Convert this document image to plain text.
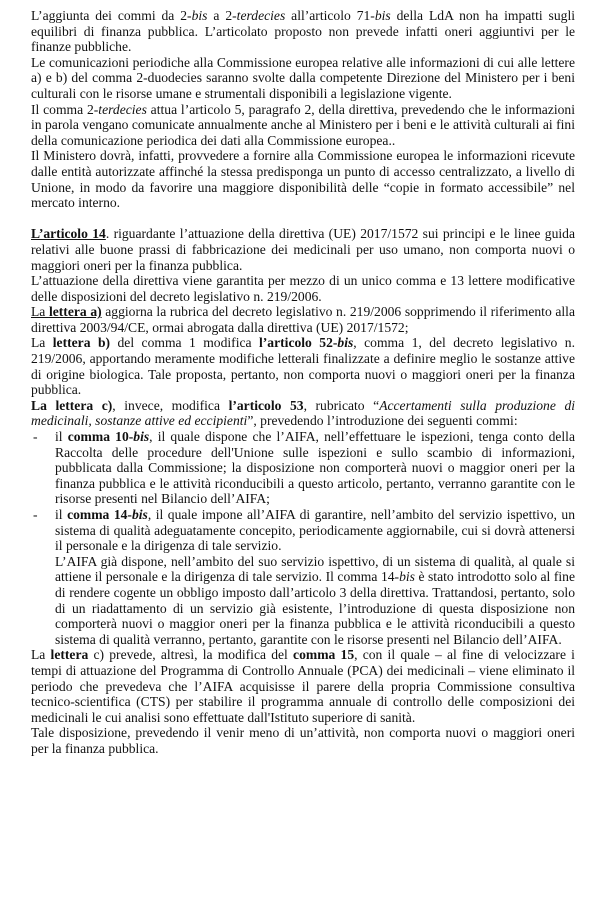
L’aggiunta dei commi da 2-bis a 2-terdecies all’articolo 71-bis della LdA non ha impatti sugli equilibri di finanza pubblica. L’articolato proposto non prevede infatti oneri aggiuntivi per le finanze pubbliche.

Le comunicazioni periodiche alla Commissione europea relative alle informazioni di cui alle lettere a) e b) del comma 2-duodecies saranno svolte dalla competente Direzione del Ministero per i beni culturali con le risorse umane e strumentali disponibili a legislazione vigente.

Il comma 2-terdecies attua l’articolo 5, paragrafo 2, della direttiva, prevedendo che le informazioni in parola vengano comunicate annualmente anche al Ministero per i beni e le attività culturali ai fini della comunicazione periodica dei dati alla Commissione europea..

Il Ministero dovrà, infatti, provvedere a fornire alla Commissione europea le informazioni ricevute dalle entità autorizzate affinché la stessa predisponga un punto di accesso centralizzato, a livello di Unione, in modo da favorire una maggiore disponibilità delle “copie in formato accessibile” nel mercato interno.

L’articolo 14. riguardante l’attuazione della direttiva (UE) 2017/1572 sui principi e le linee guida relativi alle buone prassi di fabbricazione dei medicinali per uso umano, non comporta nuovi o maggiori oneri per la finanza pubblica.

L’attuazione della direttiva viene garantita per mezzo di un unico comma e 13 lettere modificative delle disposizioni del decreto legislativo n. 219/2006.

La lettera a) aggiorna la rubrica del decreto legislativo n. 219/2006 sopprimendo il riferimento alla direttiva 2003/94/CE, ormai abrogata dalla direttiva (UE) 2017/1572;

La lettera b) del comma 1 modifica l’articolo 52-bis, comma 1, del decreto legislativo n. 219/2006, apportando meramente modifiche letterali finalizzate a definire meglio le sostanze attive di origine biologica. Tale proposta, pertanto, non comporta nuovi o maggiori oneri per la finanza pubblica.

La lettera c), invece, modifica l’articolo 53, rubricato “Accertamenti sulla produzione di medicinali, sostanze attive ed eccipienti”, prevedendo l’introduzione dei seguenti commi:

- il comma 10-bis, il quale dispone che l’AIFA, nell’effettuare le ispezioni, tenga conto della Raccolta delle procedure dell'Unione sulle ispezioni e sullo scambio di informazioni, pubblicata dalla Commissione; la disposizione non comporterà nuovi o maggior oneri per la finanza pubblica e le attività riconducibili a questo articolo, pertanto, verranno garantite con le risorse presenti nel Bilancio dell’AIFA;

- il comma 14-bis, il quale impone all’AIFA di garantire, nell’ambito del servizio ispettivo, un sistema di qualità adeguatamente concepito, periodicamente aggiornabile, cui si dovrà attenersi il personale e la dirigenza di tale servizio.

L’AIFA già dispone, nell’ambito del suo servizio ispettivo, di un sistema di qualità, al quale si attiene il personale e la dirigenza di tale servizio. Il comma 14-bis è stato introdotto solo al fine di rendere cogente un obbligo imposto dall’articolo 3 della direttiva. Trattandosi, pertanto, solo di un riadattamento di un servizio già esistente, l’introduzione di questa disposizione non comporterà nuovi o maggior oneri per la finanza pubblica e le attività riconducibili a questo sistema di qualità verranno, pertanto, garantite con le risorse presenti nel Bilancio dell’AIFA.

La lettera c) prevede, altresì, la modifica del comma 15, con il quale – al fine di velocizzare i tempi di attuazione del Programma di Controllo Annuale (PCA) dei medicinali – viene eliminato il periodo che prevedeva che l’AIFA acquisisse il parere della propria Commissione consultiva tecnico-scientifica (CTS) per stabilire il programma annuale di controllo delle composizioni dei medicinali le cui analisi sono effettuate dall'Istituto superiore di sanità.

Tale disposizione, prevedendo il venir meno di un’attività, non comporta nuovi o maggiori oneri per la finanza pubblica.
